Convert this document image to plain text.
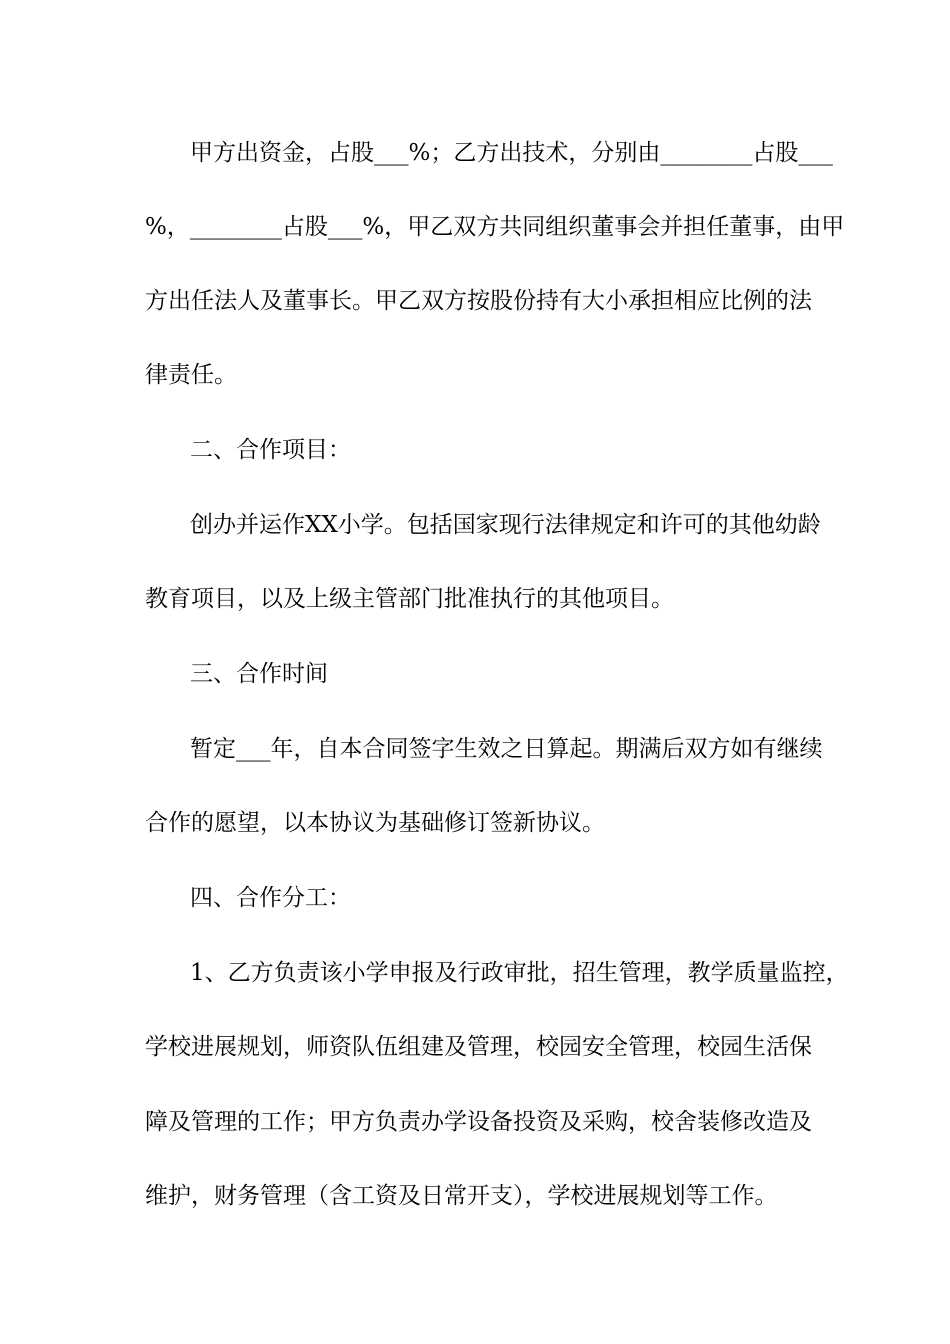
甲方出资金，占股___%；乙方出技术，分别由________占股___

%，________占股___%，甲乙双方共同组织董事会并担任董事，由甲

方出任法人及董事长。甲乙双方按股份持有大小承担相应比例的法

律责任。

二、合作项目：

创办并运作XX小学。包括国家现行法律规定和许可的其他幼龄

教育项目，以及上级主管部门批准执行的其他项目。

三、合作时间

暂定___年，自本合同签字生效之日算起。期满后双方如有继续

合作的愿望，以本协议为基础修订签新协议。

四、合作分工：

1、乙方负责该小学申报及行政审批，招生管理，教学质量监控，

学校进展规划，师资队伍组建及管理，校园安全管理，校园生活保

障及管理的工作；甲方负责办学设备投资及采购，校舍装修改造及

维护，财务管理（含工资及日常开支），学校进展规划等工作。
